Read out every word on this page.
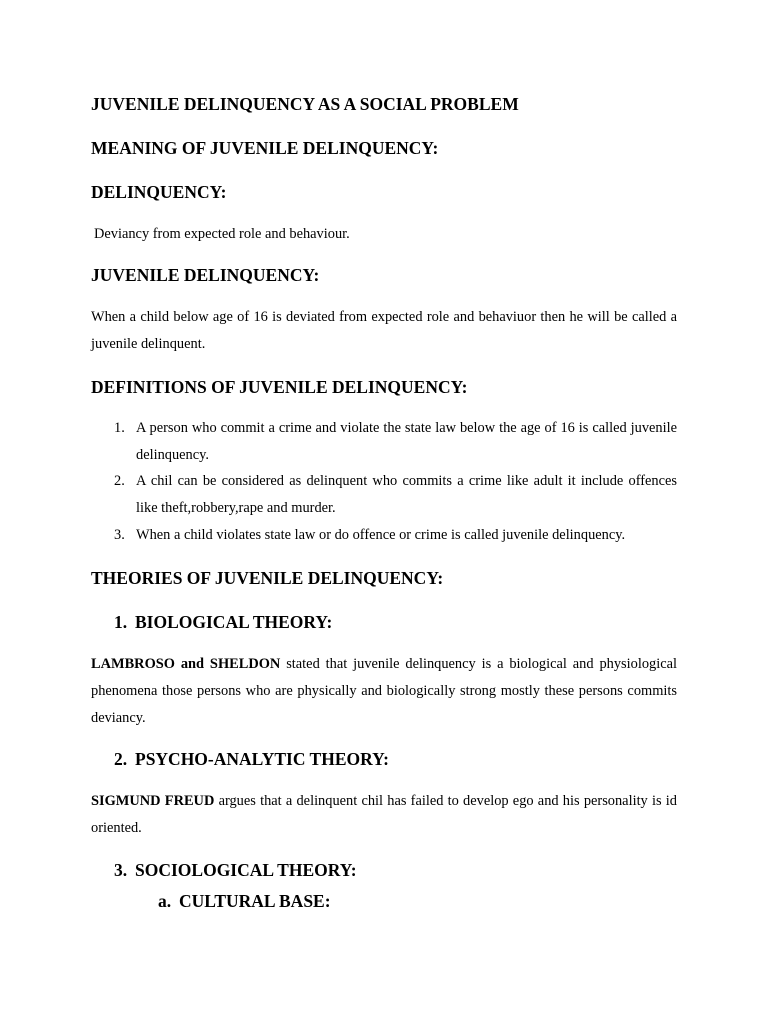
JUVENILE DELINQUENCY AS A SOCIAL PROBLEM
MEANING OF JUVENILE DELINQUENCY:
DELINQUENCY:

Deviancy from expected role and behaviour.

JUVENILE DELINQUENCY:

When a child below age of 16 is deviated from expected role and behaviuor then he will be called a juvenile delinquent.

DEFINITIONS OF JUVENILE DELINQUENCY:
1. A person who commit a crime and violate the state law below the age of 16 is called juvenile delinquency.
2. A chil can be considered as delinquent who commits a crime like adult it include offences like theft,robbery,rape and murder.
3. When a child violates state law or do offence or crime is called juvenile delinquency.
THEORIES OF JUVENILE DELINQUENCY:
1. BIOLOGICAL THEORY:

LAMBROSO and SHELDON stated that juvenile delinquency is a biological and physiological phenomena those persons who are physically and biologically strong mostly these persons commits deviancy.

2. PSYCHO-ANALYTIC THEORY:

SIGMUND FREUD argues that a delinquent chil has failed to develop ego and his personality is id oriented.

3. SOCIOLOGICAL THEORY:
a. CULTURAL BASE:
